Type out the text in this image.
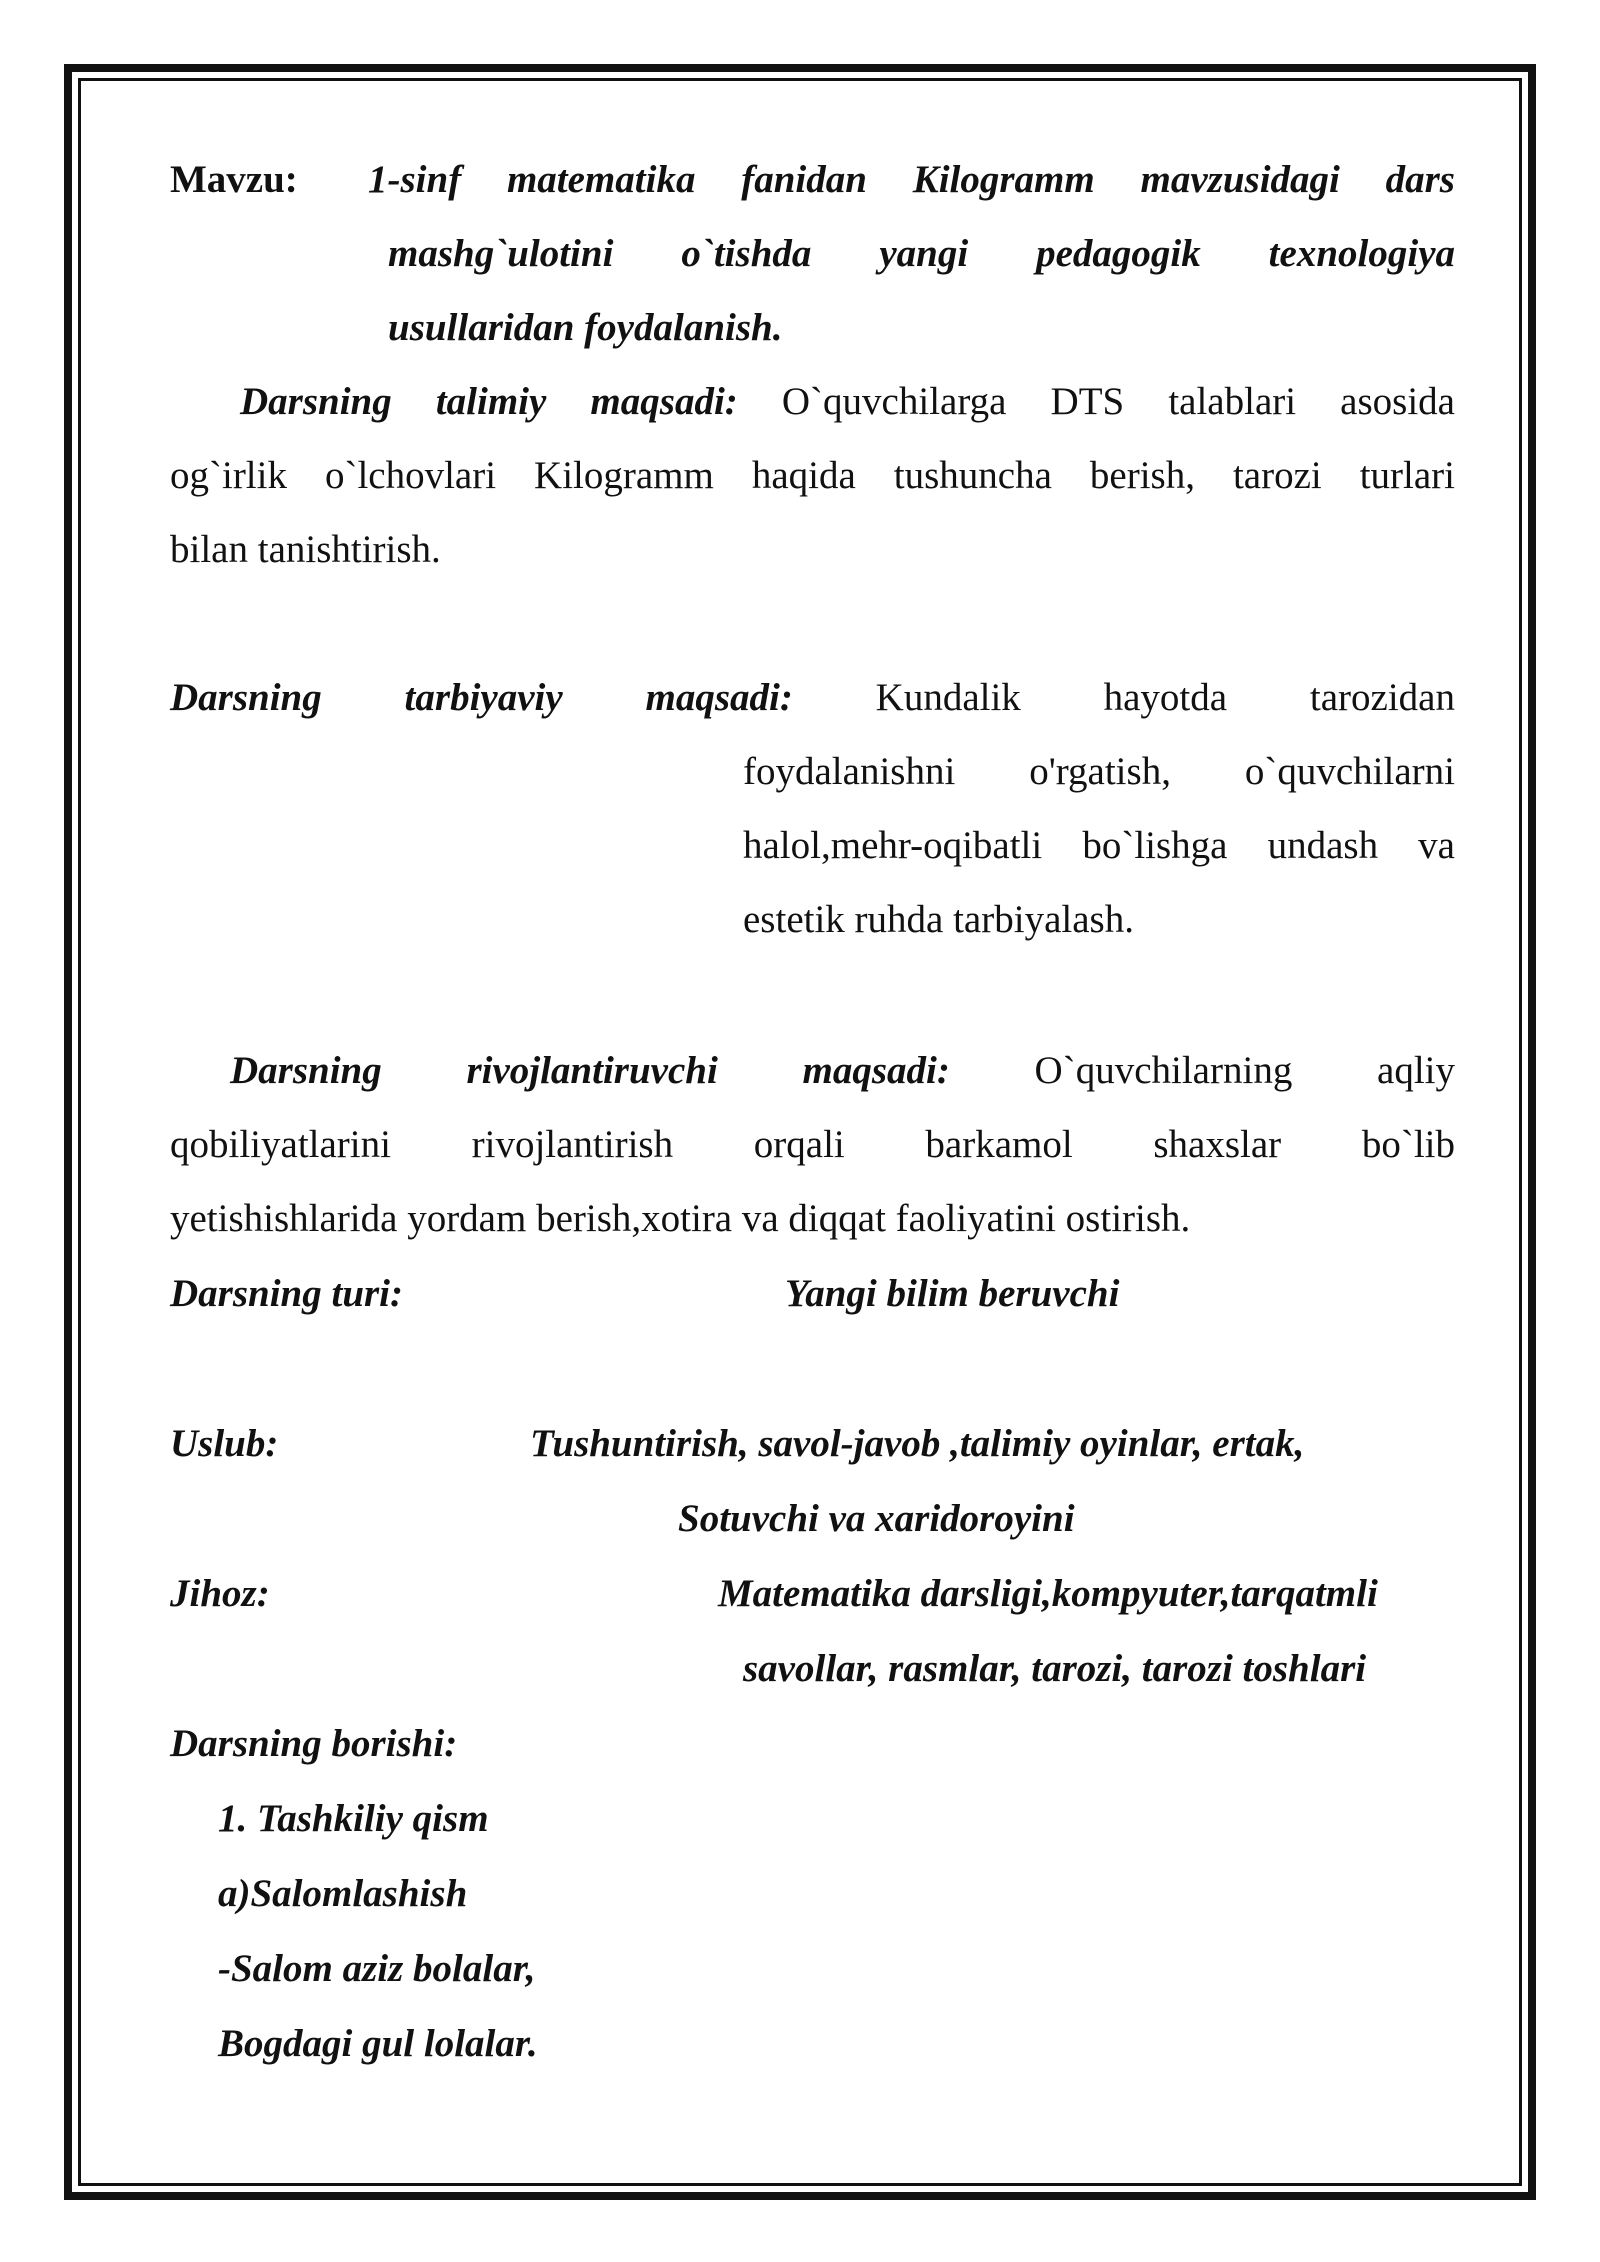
Mavzu: 1-sinf matematika fanidan Kilogramm mavzusidagi dars
mashg`ulotini o`tishda yangi pedagogik texnologiya
usullaridan foydalanish.
Darsning talimiy maqsadi: O`quvchilarga DTS talablari asosida
og`irlik o`lchovlari Kilogramm haqida tushuncha berish, tarozi turlari
bilan tanishtirish.
Darsning tarbiyaviy maqsadi: Kundalik hayotda tarozidan
foydalanishni o'rgatish, o`quvchilarni
halol,mehr-oqibatli bo`lishga undash va
estetik ruhda tarbiyalash.
Darsning rivojlantiruvchi maqsadi: O`quvchilarning aqliy
qobiliyatlarini rivojlantirish orqali barkamol shaxslar bo`lib
yetishishlarida yordam berish,xotira va diqqat faoliyatini ostirish.
Darsning turi:	Yangi bilim beruvchi
Uslub:	Tushuntirish, savol-javob ,talimiy oyinlar, ertak,
Sotuvchi va xaridoroyini
Jihoz:	Matematika darsligi,kompyuter,tarqatmli
savollar, rasmlar, tarozi, tarozi toshlari
Darsning borishi:
1. Tashkiliy qism
a)Salomlashish
-Salom aziz bolalar,
Bogdagi gul lolalar.
